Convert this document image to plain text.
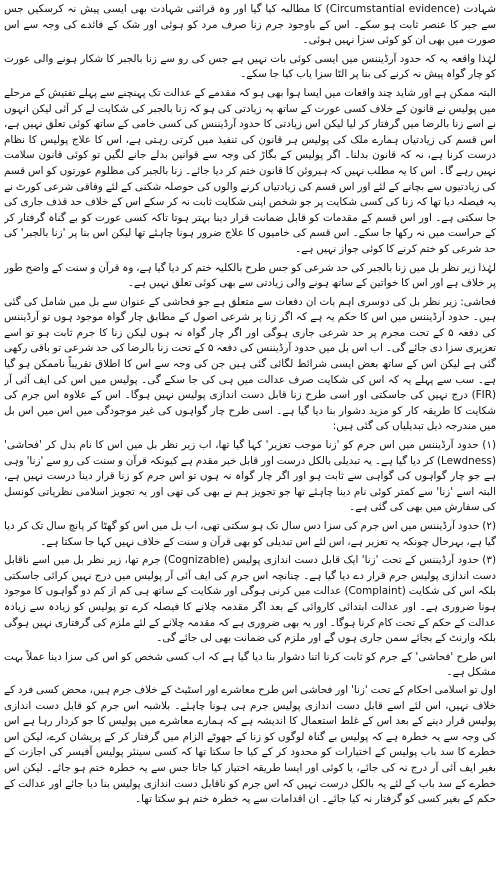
شہادت (Circumstantial evidence) کا مطالبہ کیا گیا اور وہ قرائنی شہادت بھی ایسی پیش نہ کرسکیں جس سے جبر کا عنصر ثابت ہو سکے۔ اس کے باوجود جرم زنا صرف مرد کو ہوئی اور شک کے فائدے کی وجہ سے اس صورت میں بھی ان کو کوئی سزا نہیں ہوئی۔

لہٰذا واقعہ یہ کہ حدود آرڈیننس میں ایسی کوئی بات نہیں ہے جس کی رو سے زنا بالجبر کا شکار ہونے والی عورت کو چار گواہ پیش نہ کرنے کی بنا پر الٹا سزا یاب کیا جا سکے۔

البتہ ممکن ہے اور شاید چند واقعات میں ایسا ہوا بھی ہو کہ مقدمے کے عدالت تک پہنچنے سے پہلے تفتیش کے مرحلے میں پولیس نے قانون کے خلاف کسی عورت کے ساتھ یہ زیادتی کی ہو کہ زنا بالجبر کی شکایت لے کر آئی لیکن انہوں نے اسے زنا بالرضا میں گرفتار کر لیا لیکن اس زیادتی کا حدود آرڈیننس کی کسی خامی کے ساتھ کوئی تعلق نہیں ہے، اس قسم کی زیادتیاں ہمارے ملک کی پولیس ہر قانون کی تنفیذ میں کرتی رہتی ہے، اس کا علاج پولیس کا نظام درست کرنا ہے، نہ کہ قانون بدلنا۔ اگر پولیس کے بگاڑ کی وجہ سے قوانین بدلے جانے لگیں تو کوئی قانون سلامت نہیں رہے گا۔ اس کا یہ مطلب نہیں کہ ہیروئن کا قانون ختم کر دیا جائے۔ زنا بالجبر کی مظلوم عورتوں کو اس قسم کی زیادتیوں سے بچانے کے لئے اور اس قسم کی زیادتیاں کرنے والوں کی حوصلہ شکنی کے لئے وفاقی شرعی کورٹ نے یہ فیصلہ دیا تھا کہ زنا کی کسی شکایت پر جو شخص اپنی شکایت ثابت نہ کر سکے اس کے خلاف حد قذف جاری کی جا سکتی ہے۔ اور اس قسم کے مقدمات کو قابل ضمانت قرار دینا بہتر ہوتا تاکہ کسی عورت کو بے گناہ گرفتار کر کے حراست میں نہ رکھا جا سکے۔ اس قسم کی خامیوں کا علاج ضرور ہونا چاہئے تھا لیکن اس بنا پر 'زنا بالجبر' کی حد شرعی کو ختم کرنے کا کوئی جواز نہیں ہے۔

لہٰذا زیر نظر بل میں زنا بالجبر کی حد شرعی کو جس طرح بالکلیہ ختم کر دیا گیا ہے، وہ قرآن و سنت کے واضح طور پر خلاف ہے اور اس کا خواتین کے ساتھ ہونے والی زیادتی سے بھی کوئی تعلق نہیں ہے۔

فحاشی: زیر نظر بل کی دوسری اہم بات ان دفعات سے متعلق ہے جو فحاشی کے عنوان سے بل میں شامل کی گئی ہیں۔ حدود آرڈیننس میں اس کا حکم یہ ہے کہ اگر زنا پر شرعی اصول کے مطابق چار گواہ موجود ہوں تو آرڈیننس کی دفعہ ۵ کے تحت مجرم پر حد شرعی جاری ہوگی اور اگر چار گواہ نہ ہوں لیکن زنا کا جرم ثابت ہو تو اسے تعزیری سزا دی جائے گی۔ اب اس بل میں حدود آرڈیننس کی دفعہ ۵ کے تحت زنا بالرضا کی حد شرعی تو باقی رکھی گئی ہے لیکن اس کے ساتھ بعض ایسی شرائط لگائی گئی ہیں جن کی وجہ سے اس کا اطلاق تقریباً ناممکن ہو گیا ہے۔ سب سے پہلے یہ کہ اس کی شکایت صرف عدالت میں ہی کی جا سکے گی۔ پولیس میں اس کی ایف آئی آر (FIR) درج نہیں کی جاسکتی اور اسی طرح زنا قابل دست اندازی پولیس نہیں ہوگا۔ اس کے علاوہ اس جرم کی شکایت کا طریقہ کار کو مزید دشوار بنا دیا گیا ہے۔ اسی طرح چار گواہوں کی غیر موجودگی میں اس میں اس بل میں مندرجہ ذیل تبدیلیاں کی گئی ہیں:

(۱) حدود آرڈیننس میں اس جرم کو 'زنا موجب تعزیر' کہا گیا تھا، اب زیر نظر بل میں اس کا نام بدل کر 'فحاشی' (Lewdness) کر دیا گیا ہے۔ یہ تبدیلی بالکل درست اور قابل خیر مقدم ہے کیونکہ قرآن و سنت کی رو سے 'زنا' وہی ہے جو چار گواہوں کی گواہی سے ثابت ہو اور اگر چار گواہ نہ ہوں تو اس جرم کو زنا قرار دینا درست نہیں ہے، البتہ اسے 'زنا' سے کمتر کوئی نام دینا چاہئے تھا جو تجویز ہم نے بھی کی تھی اور یہ تجویز اسلامی نظریاتی کونسل کی سفارش میں بھی کی گئی ہے۔

(۲) حدود آرڈیننس میں اس جرم کی سزا دس سال تک ہو سکتی تھی، اب بل میں اس کو گھٹا کر پانچ سال تک کر دیا گیا ہے، بہرحال چونکہ یہ تعزیر ہے، اس لئے اس تبدیلی کو بھی قرآن و سنت کے خلاف نہیں کہا جا سکتا ہے۔

(۳) حدود آرڈیننس کے تحت 'زنا' ایک قابل دست اندازی پولیس (Cognizable) جرم تھا، زیر نظر بل میں اسے ناقابل دست اندازی پولیس جرم قرار دے دیا گیا ہے۔ چنانچہ اس جرم کی ایف آئی آر پولیس میں درج نہیں کرائی جاسکتی بلکہ اس کی شکایت (Complaint) عدالت میں کرنی ہوگی اور شکایت کے ساتھ ہی کم از کم دو گواہوں کا موجود ہونا ضروری ہے۔ اور عدالت ابتدائی کاروائی کے بعد اگر مقدمہ چلانے کا فیصلہ کرے تو پولیس کو زیادہ سے زیادہ عدالت کے حکم کے تحت کام کرنا ہوگا۔ اور یہ بھی ضروری ہے کہ مقدمہ چلانے کے لئے ملزم کی گرفتاری نہیں ہوگی بلکہ وارنٹ کے بجائے سمن جاری ہوں گے اور ملزم کی ضمانت بھی لی جائے گی۔

اس طرح 'فحاشی' کے جرم کو ثابت کرنا اتنا دشوار بنا دیا گیا ہے کہ اب کسی شخص کو اس کی سزا دینا عملاً بہت مشکل ہے۔

اول تو اسلامی احکام کے تحت 'زنا' اور فحاشی اس طرح معاشرے اور اسٹیٹ کے خلاف جرم ہیں، محض کسی فرد کے خلاف نہیں، اس لئے اسے قابل دست اندازی پولیس جرم ہی ہونا چاہئے۔ بلاشبہ اس جرم کو قابل دست اندازی پولیس قرار دینے کے بعد اس کے غلط استعمال کا اندیشہ ہے کہ ہمارے معاشرے میں پولیس کا جو کردار رہا ہے اس کی وجہ سے یہ خطرہ ہے کہ پولیس بے گناہ لوگوں کو زنا کے جھوٹے الزام میں گرفتار کر کے پریشان کرے، لیکن اس خطرے کا سد باب پولیس کے اختیارات کو محدود کر کے کیا جا سکتا تھا کہ کسی سینئر پولیس آفیسر کی اجازت کے بغیر ایف آئی آر درج نہ کی جائے، یا کوئی اور ایسا طریقہ اختیار کیا جاتا جس سے یہ خطرہ ختم ہو جائے۔ لیکن اس خطرے کے سد باب کے لئے یہ بالکل درست نہیں کہ اس جرم کو ناقابل دست اندازی پولیس بنا دیا جائے اور عدالت کے حکم کے بغیر کسی کو گرفتار نہ کیا جائے۔ ان اقدامات سے یہ خطرہ ختم ہو سکتا تھا۔
